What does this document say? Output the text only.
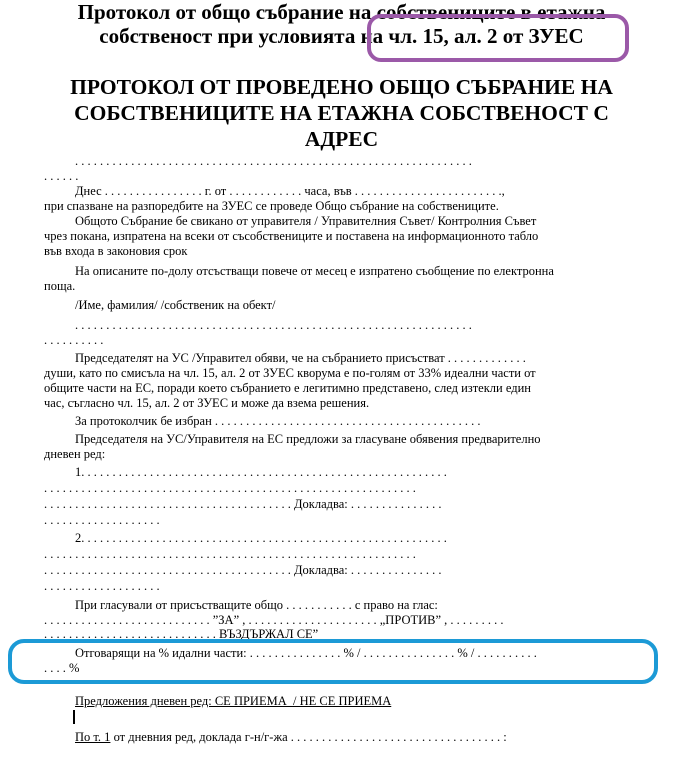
Протокол от общо събрание на собствениците в етажна
собственост при условията на чл. 15, ал. 2 от ЗУЕС
ПРОТОКОЛ ОТ ПРОВЕДЕНО ОБЩО СЪБРАНИЕ НА
СОБСТВЕНИЦИТЕ НА ЕТАЖНА СОБСТВЕНОСТ С
АДРЕС
. . . . . . . . . . . . . . . . . . . . . . . . . . . . . . . . . . . . . . . . . . . . . . . . . . . . . . . . . . . . . . . .
. . . . . .
Днес . . . . . . . . . . . . . . . . г. от . . . . . . . . . . . . часа, във . . . . . . . . . . . . . . . . . . . . . . . .,
при спазване на разпоредбите на ЗУЕС се проведе Общо събрание на собствениците.
Общото Събрание бе свикано от управителя / Управителния Съвет/ Контролния Съвет
чрез покана, изпратена на всеки от съсобствениците и поставена на информационното табло
във входа в законовия срок
На описаните по-долу отсъстващи повече от месец е изпратено съобщение по електронна
поща.
/Име, фамилия/ /собственик на обект/
. . . . . . . . . . . . . . . . . . . . . . . . . . . . . . . . . . . . . . . . . . . . . . . . . . . . . . . . . . . . . . . .
. . . . . . . . . .
Председателят на УС /Управител обяви, че на събранието присъстват . . . . . . . . . . . . .
души, като по смисъла на чл. 15, ал. 2 от ЗУЕС кворума е по-голям от 33% идеални части от
общите части на ЕС, поради което събранието е легитимно представено, след изтекли един
час, съгласно чл. 15, ал. 2 от ЗУЕС и може да взема решения.
За протоколчик бе избран . . . . . . . . . . . . . . . . . . . . . . . . . . . . . . . . . . . . . . . . . . .
Председателя на УС/Управителя на ЕС предложи за гласуване обявения предварително
дневен ред:
1. . . . . . . . . . . . . . . . . . . . . . . . . . . . . . . . . . . . . . . . . . . . . . . . . . . . . . . . . . .
. . . . . . . . . . . . . . . . . . . . . . . . . . . . . . . . . . . . . . . . . . . . . . . . . . . . . . . . . . . .
. . . . . . . . . . . . . . . . . . . . . . . . . . . . . . . . . . . . . . . . Докладва: . . . . . . . . . . . . . . .
. . . . . . . . . . . . . . . . . . .
2. . . . . . . . . . . . . . . . . . . . . . . . . . . . . . . . . . . . . . . . . . . . . . . . . . . . . . . . . . .
. . . . . . . . . . . . . . . . . . . . . . . . . . . . . . . . . . . . . . . . . . . . . . . . . . . . . . . . . . . .
. . . . . . . . . . . . . . . . . . . . . . . . . . . . . . . . . . . . . . . . Докладва: . . . . . . . . . . . . . . .
. . . . . . . . . . . . . . . . . . .
При гласували от присъстващите общо . . . . . . . . . . . с право на глас:
. . . . . . . . . . . . . . . . . . . . . . . . . . . ”ЗА” , . . . . . . . . . . . . . . . . . . . . . „ПРОТИВ” , . . . . . . . . .
. . . . . . . . . . . . . . . . . . . . . . . . . . . . ВЪЗДЪРЖАЛ СЕ”
Отговарящи на % идални части: . . . . . . . . . . . . . . . % / . . . . . . . . . . . . . . . % / . . . . . . . . . .
. . . . %
Предложения дневен ред: СЕ ПРИЕМА  / НЕ СЕ ПРИЕМА
По т. 1 от дневния ред, доклада г-н/г-жа . . . . . . . . . . . . . . . . . . . . . . . . . . . . . . . . . . :
